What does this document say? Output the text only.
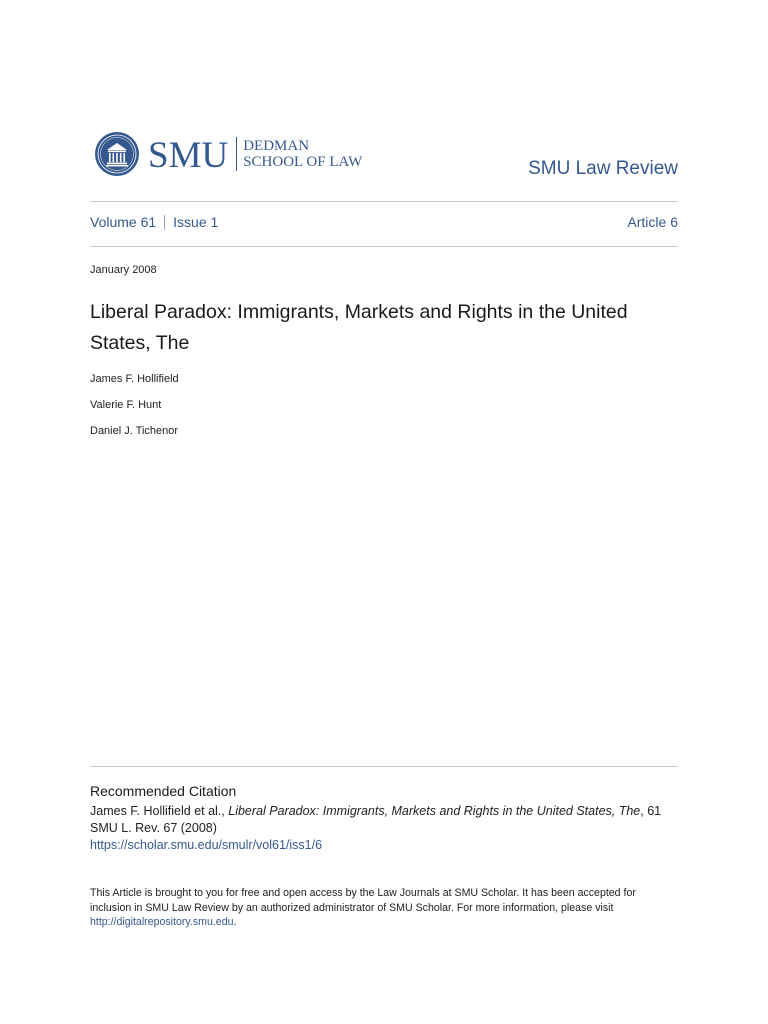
SMU DEDMAN
SCHOOL OF LAW	SMU Law Review
Volume 61 Issue 1	Article 6
January 2008
Liberal Paradox: Immigrants, Markets and Rights in the United States, The
James F. Hollifield
Valerie F. Hunt
Daniel J. Tichenor
Recommended Citation
James F. Hollifield et al., Liberal Paradox: Immigrants, Markets and Rights in the United States, The, 61 SMU L. Rev. 67 (2008)
https://scholar.smu.edu/smulr/vol61/iss1/6
This Article is brought to you for free and open access by the Law Journals at SMU Scholar. It has been accepted for inclusion in SMU Law Review by an authorized administrator of SMU Scholar. For more information, please visit http://digitalrepository.smu.edu.
